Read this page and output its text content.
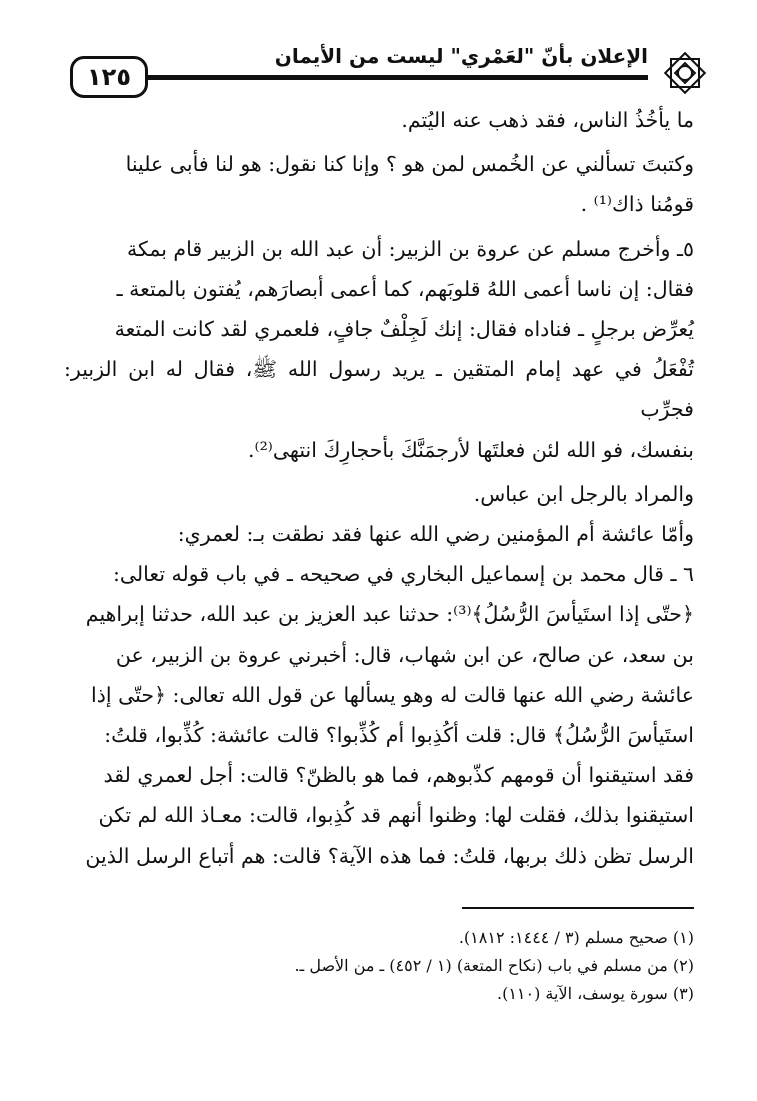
١٢٥
الإعلان بأنّ "لعَمْري" ليست من الأيمان

ما يأخُذُ الناس، فقد ذهب عنه اليُتم.

وكتبتَ تسألني عن الخُمس لمن هو ؟ وإنا كنا نقول: هو لنا فأبى علينا

قومُنا ذاك⁽¹⁾ .

٥ـ وأخرج مسلم عن عروة بن الزبير: أن عبد الله بن الزبير قام بمكة

فقال: إن ناسا أعمى اللهُ قلوبَهم، كما أعمى أبصارَهم، يُفتون بالمتعة ـ

يُعرِّض برجلٍ ـ فناداه فقال: إنك لَجِلْفٌ جافٍ، فلعمري لقد كانت المتعة

تُفْعَلُ في عهد إمام المتقين ـ يريد رسول الله ﷺ، فقال له ابن الزبير: فجرِّب

بنفسك، فو الله لئن فعلتَها لأرجمَنَّكَ بأحجارِكَ انتهى⁽²⁾.

والمراد بالرجل ابن عباس.

وأمّا عائشة أم المؤمنين رضي الله عنها فقد نطقت بـ: لعمري:

٦ ـ قال محمد بن إسماعيل البخاري في صحيحه ـ في باب قوله تعالى:

﴿حتّى إذا استَيأسَ الرُّسُلُ﴾⁽³⁾: حدثنا عبد العزيز بن عبد الله، حدثنا إبراهيم

بن سعد، عن صالح، عن ابن شهاب، قال: أخبرني عروة بن الزبير، عن

عائشة رضي الله عنها قالت له وهو يسألها عن قول الله تعالى: ﴿حتّى إذا

استَيأسَ الرُّسُلُ﴾ قال: قلت أكُذِبوا أم كُذِّبوا؟ قالت عائشة: كُذِّبوا، قلتُ:

فقد استيقنوا أن قومهم كذّبوهم، فما هو بالظنّ؟ قالت: أجل لعمري لقد

استيقنوا بذلك، فقلت لها: وظنوا أنهم قد كُذِبوا، قالت: معـاذ الله لم تكن

الرسل تظن ذلك بربها، قلتُ: فما هذه الآية؟ قالت: هم أتباع الرسل الذين

(١) صحيح مسلم (٣ / ١٤٤٤: ١٨١٢).

(٢) من مسلم في باب (نكاح المتعة) (١ / ٤٥٢) ـ من الأصل ـ.

(٣) سورة يوسف، الآية (١١٠).
